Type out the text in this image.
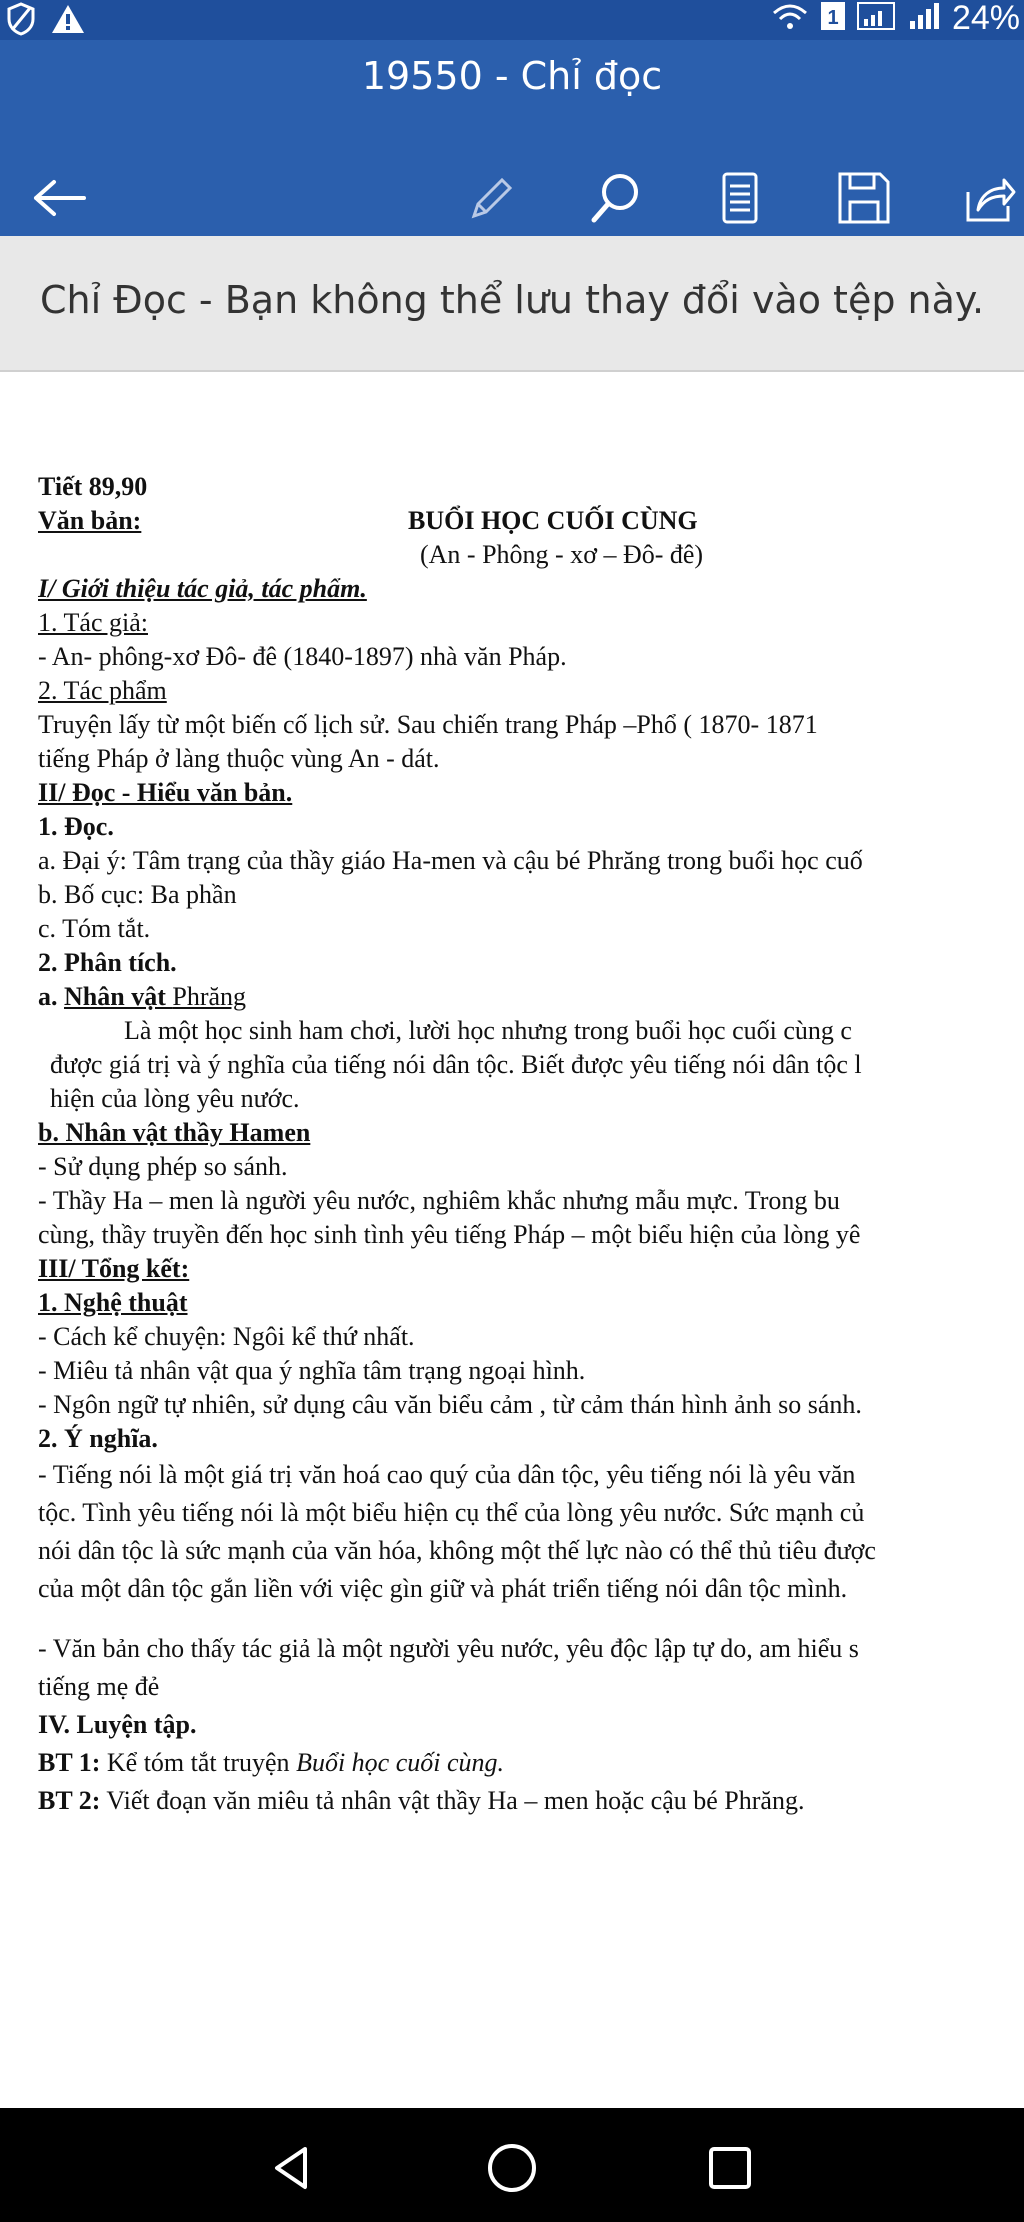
1	24%
19550 - Chỉ đọc
Chỉ Đọc - Bạn không thể lưu thay đổi vào tệp này.
Tiết 89,90
Văn bản:	BUỔI HỌC CUỐI CÙNG
(An - Phông - xơ – Đô- đê)
I/ Giới thiệu tác giả, tác phẩm.
1. Tác giả:
- An- phông-xơ Đô- đê (1840-1897) nhà văn Pháp.
2. Tác phẩm
Truyện lấy từ một biến cố lịch sử. Sau chiến trang Pháp –Phổ ( 1870- 1871
tiếng Pháp ở làng thuộc vùng An - dát.
II/ Đọc - Hiểu văn bản.
1. Đọc.
a. Đại ý: Tâm trạng của thầy giáo Ha-men và cậu bé Phrăng trong buổi học cuố
b. Bố cục: Ba phần
c. Tóm tắt.
2. Phân tích.
a. Nhân vật Phrăng
Là một học sinh ham chơi, lười học nhưng trong buổi học cuối cùng c
được giá trị và ý nghĩa của tiếng nói dân tộc. Biết được yêu tiếng nói dân tộc l
hiện của lòng yêu nước.
b. Nhân vật thầy Hamen
- Sử dụng phép so sánh.
- Thầy Ha – men là người yêu nước, nghiêm khắc nhưng mẫu mực. Trong bu
cùng, thầy truyền đến học sinh tình yêu tiếng Pháp – một biểu hiện của lòng yê
III/ Tổng kết:
1. Nghệ thuật
- Cách kể chuyện: Ngôi kể thứ nhất.
- Miêu tả nhân vật qua ý nghĩa tâm trạng ngoại hình.
- Ngôn ngữ tự nhiên, sử dụng câu văn biểu cảm , từ cảm thán hình ảnh so sánh.
2. Ý nghĩa.
- Tiếng nói là một giá trị văn hoá cao quý của dân tộc, yêu tiếng nói là yêu văn
tộc. Tình yêu tiếng nói là một biểu hiện cụ thể của lòng yêu nước. Sức mạnh củ
nói dân tộc là sức mạnh của văn hóa, không một thế lực nào có thể thủ tiêu được
của một dân tộc gắn liền với việc gìn giữ và phát triển tiếng nói dân tộc mình.
- Văn bản cho thấy tác giả là một người yêu nước, yêu độc lập tự do, am hiểu s
tiếng mẹ đẻ
IV. Luyện tập.
BT 1: Kể tóm tắt truyện Buổi học cuối cùng.
BT 2: Viết đoạn văn miêu tả nhân vật thầy Ha – men hoặc cậu bé Phrăng.
